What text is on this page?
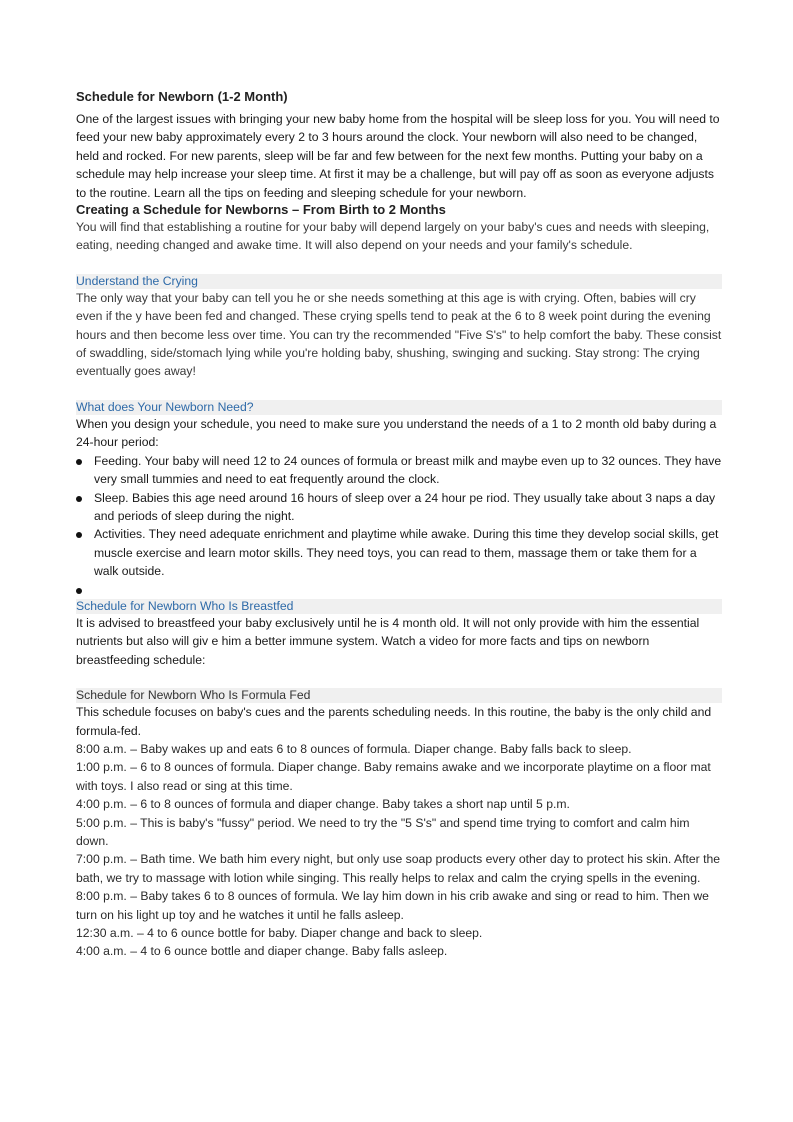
Schedule for Newborn (1-2 Month)

One of the largest issues with bringing your new baby home from the hospital will be sleep loss for you. You will need to feed your new baby approximately every 2 to 3 hours around the clock. Your newborn will also need to be changed, held and rocked. For new parents, sleep will be far and few between for the next few months. Putting your baby on a schedule may help increase your sleep time. At first it may be a challenge, but will pay off as soon as everyone adjusts to the routine. Learn all the tips on feeding and sleeping schedule for your newborn.

Creating a Schedule for Newborns – From Birth to 2 Months

You will find that establishing a routine for your baby will depend largely on your baby's cues and needs with sleeping, eating, needing changed and awake time. It will also depend on your needs and your family's schedule.

Understand the Crying

The only way that your baby can tell you he or she needs something at this age is with crying. Often, babies will cry even if the y have been fed and changed. These crying spells tend to peak at the 6 to 8 week point during the evening hours and then become less over time. You can try the recommended "Five S's" to help comfort the baby. These consist of swaddling, side/stomach lying while you're holding baby, shushing, swinging and sucking. Stay strong: The crying eventually goes away!

What does Your Newborn Need?

When you design your schedule, you need to make sure you understand the needs of a 1 to 2 month old baby during a 24-hour period:

Feeding. Your baby will need 12 to 24 ounces of formula or breast milk and maybe even up to 32 ounces. They have very small tummies and need to eat frequently around the clock.
Sleep. Babies this age need around 16 hours of sleep over a 24 hour pe riod. They usually take about 3 naps a day and periods of sleep during the night.
Activities. They need adequate enrichment and playtime while awake. During this time they develop social skills, get muscle exercise and learn motor skills. They need toys, you can read to them, massage them or take them for a walk outside.

Schedule for Newborn Who Is Breastfed

It is advised to breastfeed your baby exclusively until he is 4 month old. It will not only provide with him the essential nutrients but also will giv e him a better immune system. Watch a video for more facts and tips on newborn breastfeeding schedule:

Schedule for Newborn Who Is Formula Fed

This schedule focuses on baby's cues and the parents scheduling needs. In this routine, the baby is the only child and formula-fed.

8:00 a.m. – Baby wakes up and eats 6 to 8 ounces of formula. Diaper change. Baby falls back to sleep.

1:00 p.m. – 6 to 8 ounces of formula. Diaper change. Baby remains awake and we incorporate playtime on a floor mat with toys. I also read or sing at this time.

4:00 p.m. – 6 to 8 ounces of formula and diaper change. Baby takes a short nap until 5 p.m.

5:00 p.m. – This is baby's "fussy" period. We need to try the "5 S's" and spend time trying to comfort and calm him down.

7:00 p.m. – Bath time. We bath him every night, but only use soap products every other day to protect his skin. After the bath, we try to massage with lotion while singing. This really helps to relax and calm the crying spells in the evening.

8:00 p.m. – Baby takes 6 to 8 ounces of formula. We lay him down in his crib awake and sing or read to him. Then we turn on his light up toy and he watches it until he falls asleep.

12:30 a.m. – 4 to 6 ounce bottle for baby. Diaper change and back to sleep.

4:00 a.m. – 4 to 6 ounce bottle and diaper change. Baby falls asleep.
